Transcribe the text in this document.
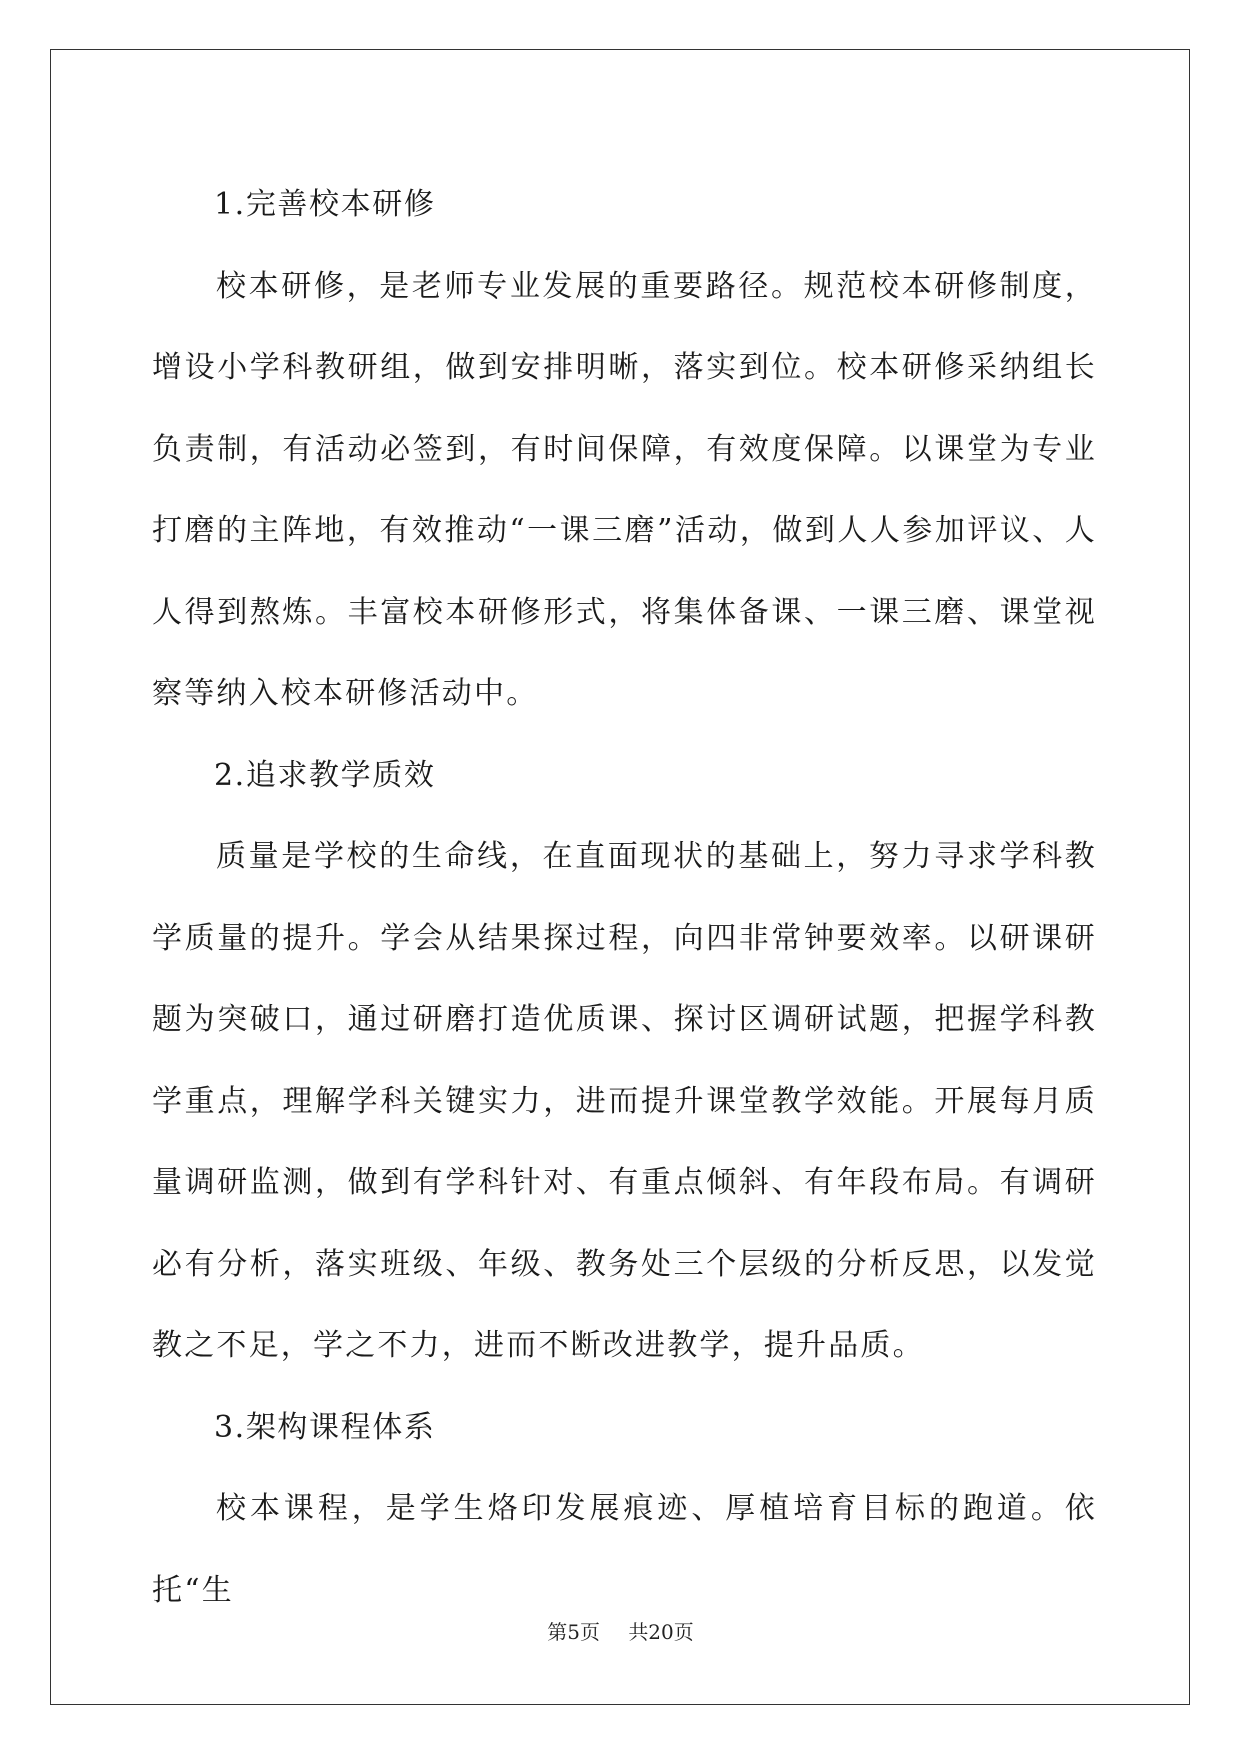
1.完善校本研修

校本研修，是老师专业发展的重要路径。规范校本研修制度，增设小学科教研组，做到安排明晰，落实到位。校本研修采纳组长负责制，有活动必签到，有时间保障，有效度保障。以课堂为专业打磨的主阵地，有效推动“一课三磨”活动，做到人人参加评议、人人得到熬炼。丰富校本研修形式，将集体备课、一课三磨、课堂视察等纳入校本研修活动中。

2.追求教学质效

质量是学校的生命线，在直面现状的基础上，努力寻求学科教学质量的提升。学会从结果探过程，向四非常钟要效率。以研课研题为突破口，通过研磨打造优质课、探讨区调研试题，把握学科教学重点，理解学科关键实力，进而提升课堂教学效能。开展每月质量调研监测，做到有学科针对、有重点倾斜、有年段布局。有调研必有分析，落实班级、年级、教务处三个层级的分析反思，以发觉教之不足，学之不力，进而不断改进教学，提升品质。

3.架构课程体系

校本课程，是学生烙印发展痕迹、厚植培育目标的跑道。依托“生

第5页 共20页
